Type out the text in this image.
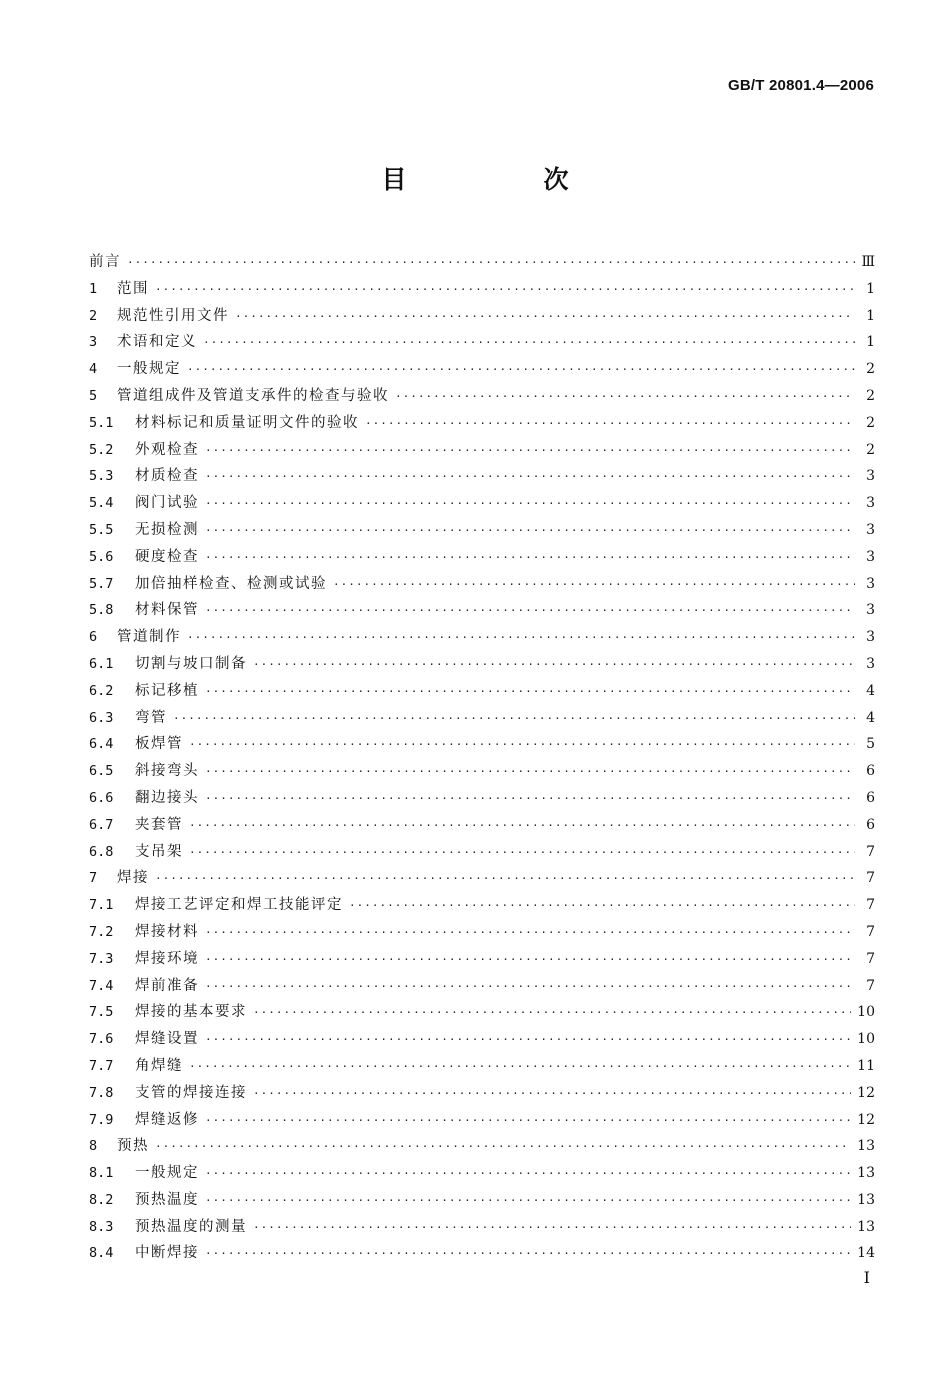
GB/T 20801.4—2006
目　次
前言 ·····	Ⅲ
1	范围 ·····	1
2	规范性引用文件 ·····	1
3	术语和定义 ·····	1
4	一般规定 ·····	2
5	管道组成件及管道支承件的检查与验收 ·····	2
5.1	材料标记和质量证明文件的验收 ·····	2
5.2	外观检查 ·····	2
5.3	材质检查 ·····	3
5.4	阀门试验 ·····	3
5.5	无损检测 ·····	3
5.6	硬度检查 ·····	3
5.7	加倍抽样检查、检测或试验 ·····	3
5.8	材料保管 ·····	3
6	管道制作 ·····	3
6.1	切割与坡口制备 ·····	3
6.2	标记移植 ·····	4
6.3	弯管 ·····	4
6.4	板焊管 ·····	5
6.5	斜接弯头 ·····	6
6.6	翻边接头 ·····	6
6.7	夹套管 ·····	6
6.8	支吊架 ·····	7
7	焊接 ·····	7
7.1	焊接工艺评定和焊工技能评定 ·····	7
7.2	焊接材料 ·····	7
7.3	焊接环境 ·····	7
7.4	焊前准备 ·····	7
7.5	焊接的基本要求 ·····	10
7.6	焊缝设置 ·····	10
7.7	角焊缝 ·····	11
7.8	支管的焊接连接 ·····	12
7.9	焊缝返修 ·····	12
8	预热 ·····	13
8.1	一般规定 ·····	13
8.2	预热温度 ·····	13
8.3	预热温度的测量 ·····	13
8.4	中断焊接 ·····	14
Ⅰ
